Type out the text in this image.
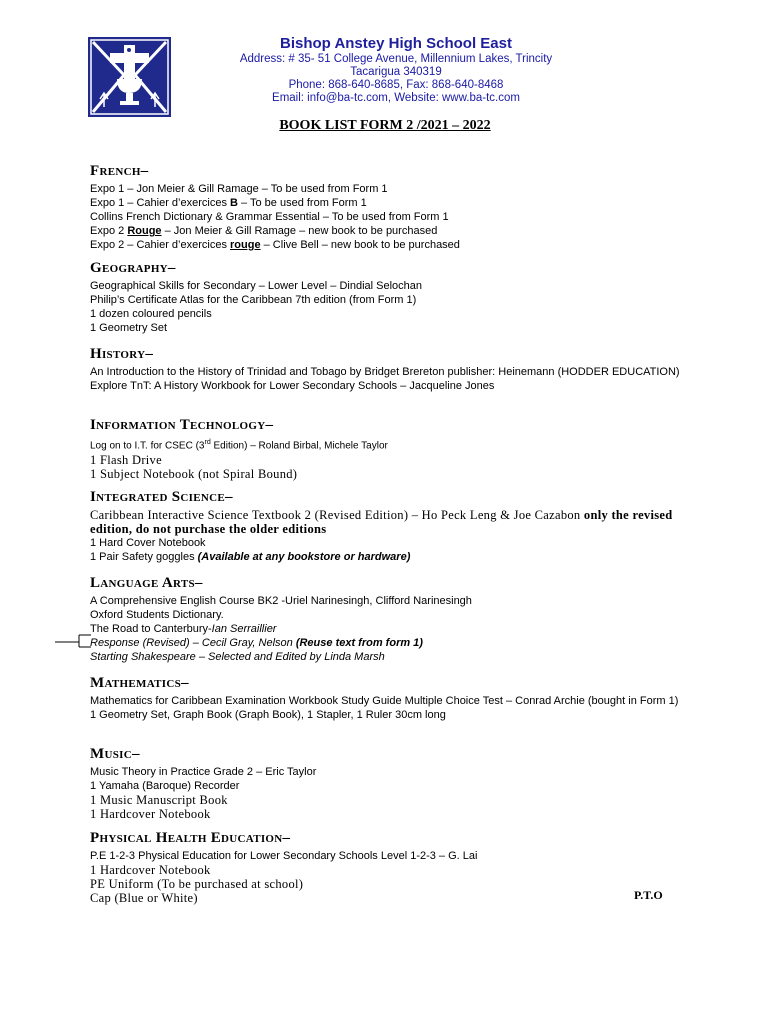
Bishop Anstey High School East
Address: # 35- 51 College Avenue, Millennium Lakes, Trincity
Tacarigua 340319
Phone: 868-640-8685, Fax: 868-640-8468
Email: info@ba-tc.com, Website: www.ba-tc.com
BOOK LIST FORM 2 /2021 – 2022
French–
Expo 1 – Jon Meier & Gill Ramage – To be used from Form 1
Expo 1 – Cahier d’exercices B – To be used from Form 1
Collins French Dictionary & Grammar Essential – To be used from Form 1
Expo 2 Rouge – Jon Meier & Gill Ramage – new book to be purchased
Expo 2 – Cahier d’exercices rouge – Clive Bell – new book to be purchased
Geography–
Geographical Skills for Secondary – Lower Level – Dindial Selochan
Philip’s Certificate Atlas for the Caribbean 7th edition (from Form 1)
1 dozen coloured pencils
1 Geometry Set
History–
An Introduction to the History of Trinidad and Tobago by Bridget Brereton publisher: Heinemann (HODDER EDUCATION)
Explore TnT: A History Workbook for Lower Secondary Schools – Jacqueline Jones
Information Technology–
Log on to I.T. for CSEC (3rd Edition) – Roland Birbal, Michele Taylor
1 Flash Drive
1 Subject Notebook (not Spiral Bound)
Integrated Science–
Caribbean Interactive Science Textbook 2 (Revised Edition) – Ho Peck Leng & Joe Cazabon only the revised edition, do not purchase the older editions
1 Hard Cover Notebook
1 Pair Safety goggles (Available at any bookstore or hardware)
Language Arts–
A Comprehensive English Course BK2 -Uriel Narinesingh, Clifford Narinesingh
Oxford Students Dictionary.
The Road to Canterbury-Ian Serraillier
Response (Revised) – Cecil Gray, Nelson (Reuse text from form 1)
Starting Shakespeare – Selected and Edited by Linda Marsh
Mathematics–
Mathematics for Caribbean Examination Workbook Study Guide Multiple Choice Test – Conrad Archie (bought in Form 1)
1 Geometry Set, Graph Book (Graph Book), 1 Stapler, 1 Ruler 30cm long
Music–
Music Theory in Practice Grade 2 – Eric Taylor
1 Yamaha (Baroque) Recorder
1 Music Manuscript Book
1 Hardcover Notebook
Physical Health Education–
P.E 1-2-3 Physical Education for Lower Secondary Schools Level 1-2-3 – G. Lai
1 Hardcover Notebook
PE Uniform (To be purchased at school)
Cap (Blue or White)	P.T.O
